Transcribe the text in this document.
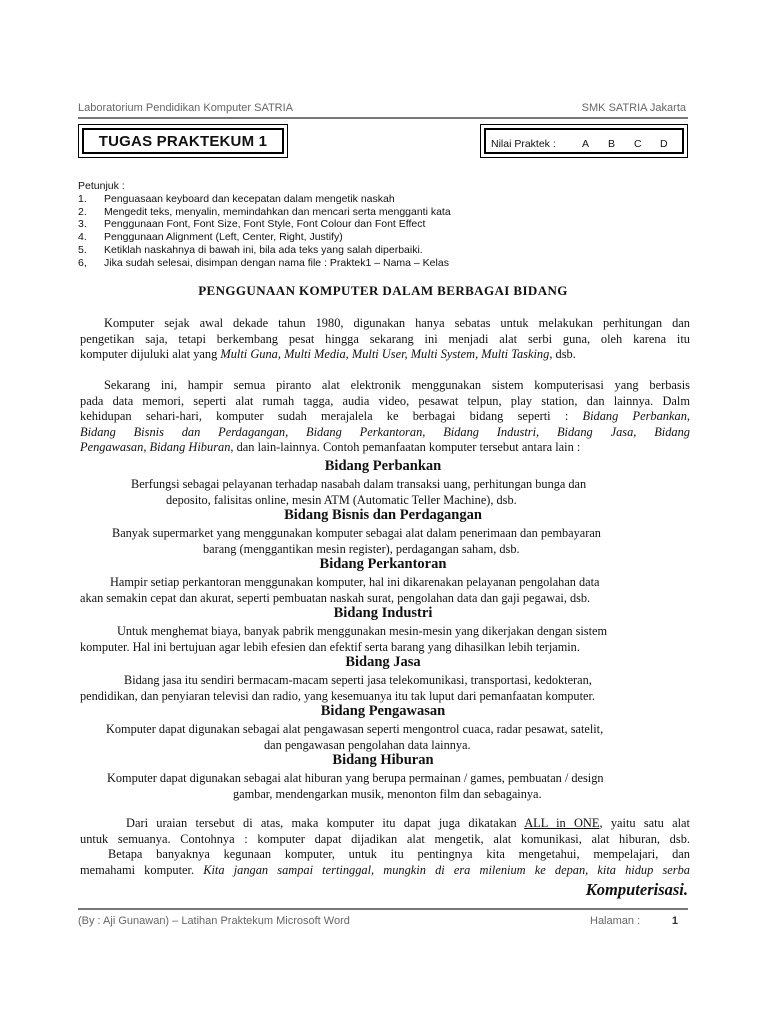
Laboratorium Pendidikan Komputer SATRIA	SMK SATRIA Jakarta
TUGAS PRAKTEKUM 1	Nilai Praktek : A B C D
Petunjuk :
1.	Penguasaan keyboard dan kecepatan dalam mengetik naskah
2.	Mengedit teks, menyalin, memindahkan dan mencari serta mengganti kata
3.	Penggunaan Font, Font Size, Font Style, Font Colour dan Font Effect
4.	Penggunaan Alignment (Left, Center, Right, Justify)
5.	Ketiklah naskahnya di bawah ini, bila ada teks yang salah diperbaiki.
6,	Jika sudah selesai, disimpan dengan nama file : Praktek1 – Nama – Kelas
PENGGUNAAN KOMPUTER DALAM BERBAGAI BIDANG
Komputer sejak awal dekade tahun 1980, digunakan hanya sebatas untuk melakukan perhitungan dan
pengetikan saja, tetapi berkembang pesat hingga sekarang ini menjadi alat serbi guna, oleh karena itu
komputer dijuluki alat yang Multi Guna, Multi Media, Multi User, Multi System, Multi Tasking, dsb.
Sekarang ini, hampir semua piranto alat elektronik menggunakan sistem komputerisasi yang berbasis
pada data memori, seperti alat rumah tagga, audia video, pesawat telpun, play station, dan lainnya. Dalm
kehidupan sehari-hari, komputer sudah merajalela ke berbagai bidang seperti : Bidang Perbankan,
Bidang Bisnis dan Perdagangan, Bidang Perkantoran, Bidang Industri, Bidang Jasa, Bidang
Pengawasan, Bidang Hiburan, dan lain-lainnya. Contoh pemanfaatan komputer tersebut antara lain :
Bidang Perbankan
Berfungsi sebagai pelayanan terhadap nasabah dalam transaksi uang, perhitungan bunga dan
deposito, falisitas online, mesin ATM (Automatic Teller Machine), dsb.
Bidang Bisnis dan Perdagangan
Banyak supermarket yang menggunakan komputer sebagai alat dalam penerimaan dan pembayaran
barang (menggantikan mesin register), perdagangan saham, dsb.
Bidang Perkantoran
Hampir setiap perkantoran menggunakan komputer, hal ini dikarenakan pelayanan pengolahan data
akan semakin cepat dan akurat, seperti pembuatan naskah surat, pengolahan data dan gaji pegawai, dsb.
Bidang Industri
Untuk menghemat biaya, banyak pabrik menggunakan mesin-mesin yang dikerjakan dengan sistem
komputer. Hal ini bertujuan agar lebih efesien dan efektif serta barang yang dihasilkan lebih terjamin.
Bidang Jasa
Bidang jasa itu sendiri bermacam-macam seperti jasa telekomunikasi, transportasi, kedokteran,
pendidikan, dan penyiaran televisi dan radio, yang kesemuanya itu tak luput dari pemanfaatan komputer.
Bidang Pengawasan
Komputer dapat digunakan sebagai alat pengawasan seperti mengontrol cuaca, radar pesawat, satelit,
dan pengawasan pengolahan data lainnya.
Bidang Hiburan
Komputer dapat digunakan sebagai alat hiburan yang berupa permainan / games, pembuatan / design
gambar, mendengarkan musik, menonton film dan sebagainya.
Dari uraian tersebut di atas, maka komputer itu dapat juga dikatakan ALL in ONE, yaitu satu alat
untuk semuanya. Contohnya : komputer dapat dijadikan alat mengetik, alat komunikasi, alat hiburan, dsb.
Betapa banyaknya kegunaan komputer, untuk itu pentingnya kita mengetahui, mempelajari, dan
memahami komputer. Kita jangan sampai tertinggal, mungkin di era milenium ke depan, kita hidup serba
Komputerisasi.
(By : Aji Gunawan) – Latihan Praktekum Microsoft Word	Halaman :	1
